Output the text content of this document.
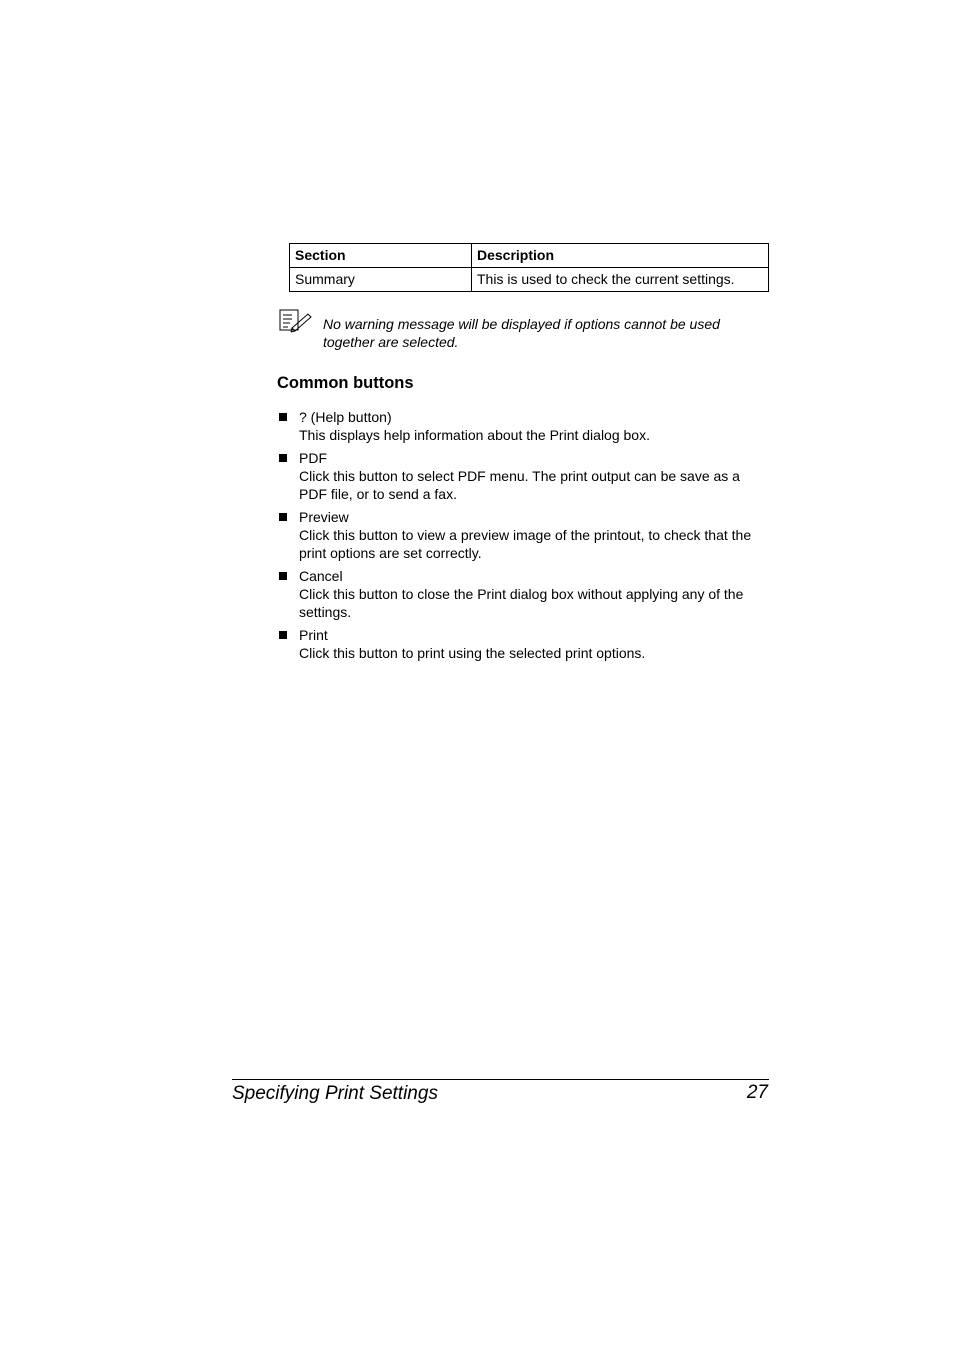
Section	Description
Summary	This is used to check the current settings.
No warning message will be displayed if options cannot be used together are selected.
Common buttons
? (Help button)
This displays help information about the Print dialog box.
PDF
Click this button to select PDF menu. The print output can be save as a PDF file, or to send a fax.
Preview
Click this button to view a preview image of the printout, to check that the print options are set correctly.
Cancel
Click this button to close the Print dialog box without applying any of the settings.
Print
Click this button to print using the selected print options.
Specifying Print Settings	27
